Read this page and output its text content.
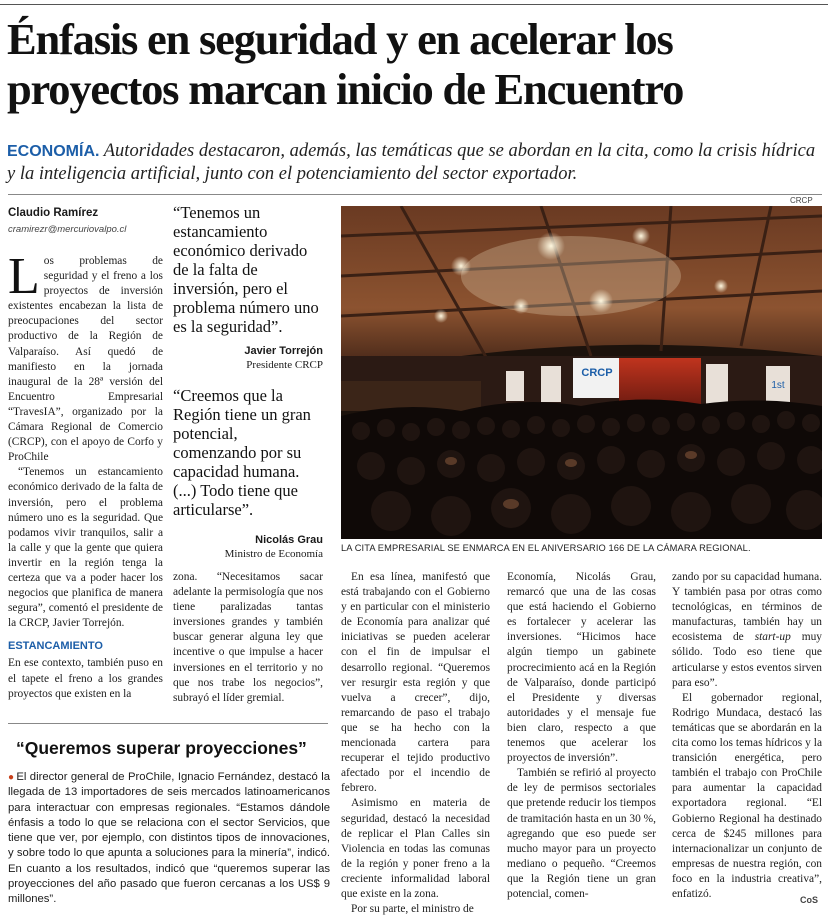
Énfasis en seguridad y en acelerar los proyectos marcan inicio de Encuentro
ECONOMÍA. Autoridades destacaron, además, las temáticas que se abordan en la cita, como la crisis hídrica y la inteligencia artificial, junto con el potenciamiento del sector exportador.
Claudio Ramírez
cramirezr@mercuriovalpo.cl

Los problemas de seguridad y el freno a los proyectos de inversión existentes encabezan la lista de preocupaciones del sector productivo de la Región de Valparaíso. Así quedó de manifiesto en la jornada inaugural de la 28ª versión del Encuentro Empresarial “TravesIA”, organizado por la Cámara Regional de Comercio (CRCP), con el apoyo de Corfo y ProChile

“Tenemos un estancamiento económico derivado de la falta de inversión, pero el problema número uno es la seguridad. Que podamos vivir tranquilos, salir a la calle y que la gente que quiera invertir en la región tenga la certeza que va a poder hacer los negocios que planifica de manera segura”, comentó el presidente de la CRCP, Javier Torrejón.

ESTANCAMIENTO

En ese contexto, también puso en el tapete el freno a los grandes proyectos que existen en la

“Tenemos un estancamiento económico derivado de la falta de inversión, pero el problema número uno es la seguridad”.
Javier Torrejón
Presidente CRCP
“Creemos que la Región tiene un gran potencial, comenzando por su capacidad humana. (...) Todo tiene que articularse”.
Nicolás Grau
Ministro de Economía
CRCP
CRCP
1st
LA CITA EMPRESARIAL SE ENMARCA EN EL ANIVERSARIO 166 DE LA CÁMARA REGIONAL.

zona. “Necesitamos sacar adelante la permisología que nos tiene paralizadas tantas inversiones grandes y también buscar generar alguna ley que incentive o que impulse a hacer inversiones en el territorio y no que nos trabe los negocios”, subrayó el líder gremial.

En esa línea, manifestó que está trabajando con el Gobierno y en particular con el ministerio de Economía para analizar qué iniciativas se pueden acelerar con el fin de impulsar el desarrollo regional. “Queremos ver resurgir esta región y que vuelva a crecer”, dijo, remarcando de paso el trabajo que se ha hecho con la mencionada cartera para recuperar el tejido productivo afectado por el incendio de febrero.

Asimismo en materia de seguridad, destacó la necesidad de replicar el Plan Calles sin Violencia en todas las comunas de la región y poner freno a la creciente informalidad laboral que existe en la zona.

Por su parte, el ministro de

Economía, Nicolás Grau, remarcó que una de las cosas que está haciendo el Gobierno es fortalecer y acelerar las inversiones. “Hicimos hace algún tiempo un gabinete procrecimiento acá en la Región de Valparaíso, donde participó el Presidente y diversas autoridades y el mensaje fue bien claro, respecto a que tenemos que acelerar los proyectos de inversión”.

También se refirió al proyecto de ley de permisos sectoriales que pretende reducir los tiempos de tramitación hasta en un 30 %, agregando que eso puede ser mucho mayor para un proyecto mediano o pequeño. “Creemos que la Región tiene un gran potencial, comen-

zando por su capacidad humana. Y también pasa por otras como tecnológicas, en términos de manufacturas, también hay un ecosistema de start-up muy sólido. Todo eso tiene que articularse y estos eventos sirven para eso”.

El gobernador regional, Rodrigo Mundaca, destacó las temáticas que se abordarán en la cita como los temas hídricos y la transición energética, pero también el trabajo con ProChile para aumentar la capacidad exportadora regional. “El Gobierno Regional ha destinado cerca de $245 millones para internacionalizar un conjunto de empresas de nuestra región, con foco en la industria creativa”, enfatizó.

“Queremos superar proyecciones”
● El director general de ProChile, Ignacio Fernández, destacó la llegada de 13 importadores de seis mercados latinoamericanos para interactuar con empresas regionales. “Estamos dándole énfasis a todo lo que se relaciona con el sector Servicios, que tiene que ver, por ejemplo, con distintos tipos de innovaciones, y sobre todo lo que apunta a soluciones para la minería”, indicó. En cuanto a los resultados, indicó que “queremos superar las proyecciones del año pasado que fueron cercanas a los US$ 9 millones”.	CoS
